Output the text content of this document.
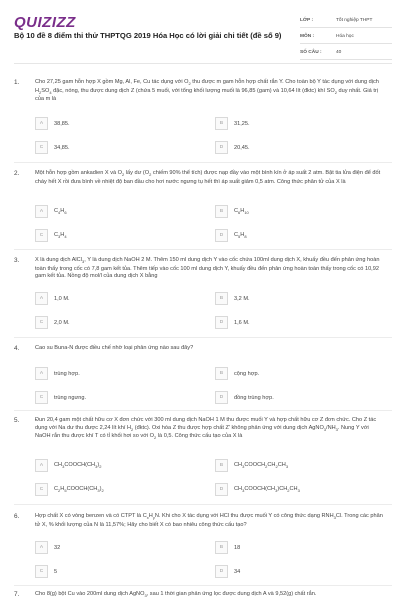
QUIZIZZ
Bộ 10 đề 8 điểm thi thử THPTQG 2019 Hóa Học có lời giải chi tiết (đề số 9)
LỚP :	Tốt nghiệp THPT
MÔN :	Hóa học
SỐ CÂU :	40
1.	Cho 27,25 gam hỗn hợp X gồm Mg, Al, Fe, Cu tác dụng với $O_2$ thu được m gam hỗn hợp chất rắn Y. Cho toàn bộ Y tác dụng với dung dịch $H_2SO_4$ đặc, nóng, thu được dung dịch Z (chứa 5 muối, với tổng khối lượng muối là 96,85 (gam) và 10,64 lít (đktc) khí $SO_2$ duy nhất. Giá trị của m là
2.	Một hỗn hợp gồm ankadien X và $O_2$ lấy dư ($O_2$ chiếm 90% thể tích) được nạp đầy vào một bình kín ở áp suất 2 atm. Bật tia lửa điện để đốt cháy hết X rồi đưa bình về nhiệt độ ban đầu cho hơi nước ngưng tụ hết thì áp suất giảm 0,5 atm. Công thức phân tử của X là
3.	X là dung dịch AlCl$_3$, Y là dung dịch NaOH 2 M. Thêm 150 ml dung dịch Y vào cốc chứa 100ml dung dịch X, khuấy đều đến phản ứng hoàn toàn thấy trong cốc có 7,8 gam kết tủa. Thêm tiếp vào cốc 100 ml dung dịch Y, khuấy đều đến phản ứng hoàn toàn thấy trong cốc có 10,92 gam kết tủa. Nồng độ mol/l của dung dịch X bằng
4.	Cao su Buna-N được điều chế nhờ loại phản ứng nào sau đây?
5.	Đun 20,4 gam một chất hữu cơ X đơn chức với 300 ml dung dịch NaOH 1 M thu được muối Y và hợp chất hữu cơ Z đơn chức. Cho Z tác dụng với Na dư thu được 2,24 lít khí $H_2$ (đktc). Oxi hóa Z thu được hợp chất Z' không phản ứng với dung dịch $AgNO_3/NH_3$. Nung Y với NaOH rắn thu được khí T có tỉ khối hơi so với $O_2$ là 0,5. Công thức cấu tạo của X là
6.	Hợp chất X có vòng benzen và có CTPT là $C_xH_yN$. Khi cho X tác dụng với HCl thu được muối Y có công thức dạng $RNH_3Cl$. Trong các phân tử X, % khối lượng của N là 11,57%; Hãy cho biết X có bao nhiêu công thức cấu tạo?
7.	Cho 8(g) bột Cu vào 200ml dung dịch AgNO$_3$, sau 1 thời gian phản ứng lọc được dung dịch A và 9,52(g) chất rắn.
A	38,85.	B	31,25.
C	34,85.	D	20,45.
A	$C_4H_6$	B	$C_6H_{10}$
C	$C_3H_4$	D	$C_5H_8$
A	1,0 M.	B	3,2 M.
C	2,0 M.	D	1,6 M.
A	trùng hợp.	B	cộng hợp.
C	trùng ngưng.	D	đồng trùng hợp.
A	$CH_3COOCH(CH_3)_2$	B	$CH_3COOCH_2CH_2CH_3$
C	$C_2H_5COOCH(CH_3)_2$	D	$CH_3COOCH(CH_3)CH_2CH_3$
A	32	B	18
C	5	D	34
